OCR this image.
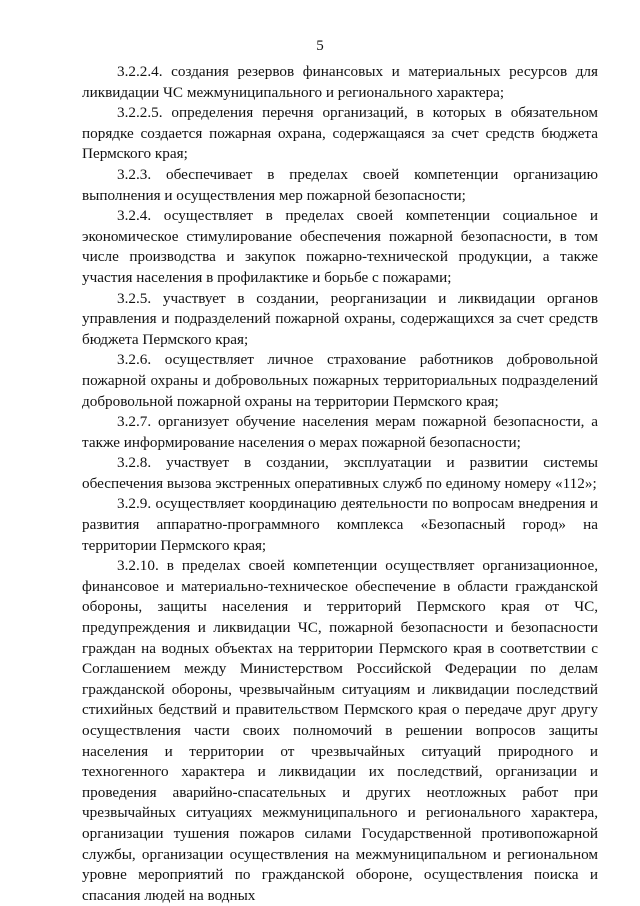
5

3.2.2.4. создания резервов финансовых и материальных ресурсов для ликвидации ЧС межмуниципального и регионального характера;

3.2.2.5. определения перечня организаций, в которых в обязательном порядке создается пожарная охрана, содержащаяся за счет средств бюджета Пермского края;

3.2.3. обеспечивает в пределах своей компетенции организацию выполнения и осуществления мер пожарной безопасности;

3.2.4. осуществляет в пределах своей компетенции социальное и экономическое стимулирование обеспечения пожарной безопасности, в том числе производства и закупок пожарно-технической продукции, а также участия населения в профилактике и борьбе с пожарами;

3.2.5. участвует в создании, реорганизации и ликвидации органов управления и подразделений пожарной охраны, содержащихся за счет средств бюджета Пермского края;

3.2.6. осуществляет личное страхование работников добровольной пожарной охраны и добровольных пожарных территориальных подразделений добровольной пожарной охраны на территории Пермского края;

3.2.7. организует обучение населения мерам пожарной безопасности, а также информирование населения о мерах пожарной безопасности;

3.2.8. участвует в создании, эксплуатации и развитии системы обеспечения вызова экстренных оперативных служб по единому номеру «112»;

3.2.9. осуществляет координацию деятельности по вопросам внедрения и развития аппаратно-программного комплекса «Безопасный город» на территории Пермского края;

3.2.10. в пределах своей компетенции осуществляет организационное, финансовое и материально-техническое обеспечение в области гражданской обороны, защиты населения и территорий Пермского края от ЧС, предупреждения и ликвидации ЧС, пожарной безопасности и безопасности граждан на водных объектах на территории Пермского края в соответствии с Соглашением между Министерством Российской Федерации по делам гражданской обороны, чрезвычайным ситуациям и ликвидации последствий стихийных бедствий и правительством Пермского края о передаче друг другу осуществления части своих полномочий в решении вопросов защиты населения и территории от чрезвычайных ситуаций природного и техногенного характера и ликвидации их последствий, организации и проведения аварийно-спасательных и других неотложных работ при чрезвычайных ситуациях межмуниципального и регионального характера, организации тушения пожаров силами Государственной противопожарной службы, организации осуществления на межмуниципальном и региональном уровне мероприятий по гражданской обороне, осуществления поиска и спасания людей на водных
